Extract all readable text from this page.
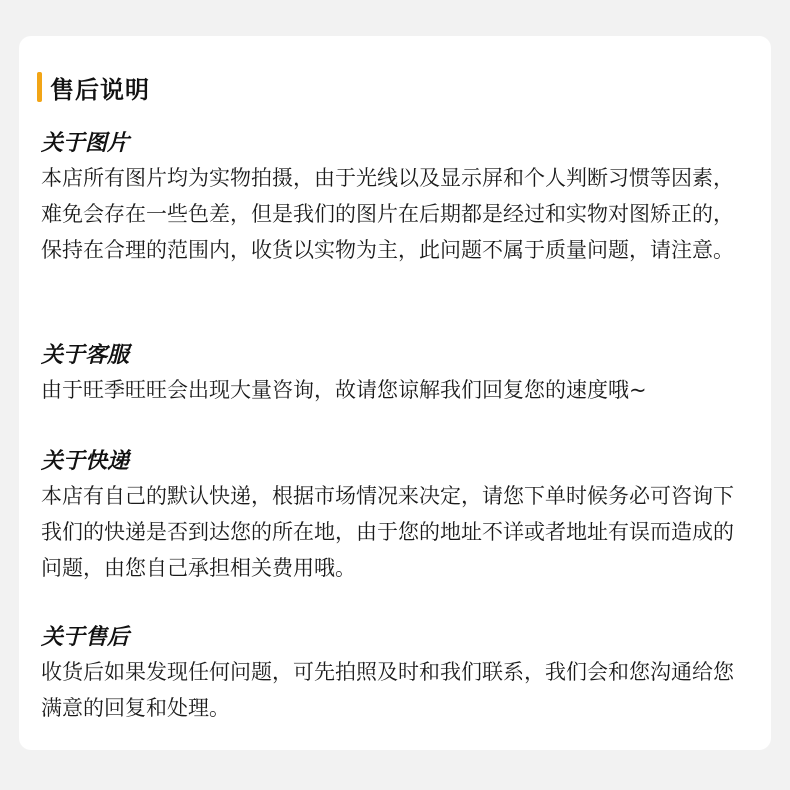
售后说明
关于图片
本店所有图片均为实物拍摄，由于光线以及显示屏和个人判断习惯等因素，难免会存在一些色差，但是我们的图片在后期都是经过和实物对图矫正的，保持在合理的范围内，收货以实物为主，此问题不属于质量问题，请注意。
关于客服
由于旺季旺旺会出现大量咨询，故请您谅解我们回复您的速度哦~
关于快递
本店有自己的默认快递，根据市场情况来决定，请您下单时候务必可咨询下我们的快递是否到达您的所在地，由于您的地址不详或者地址有误而造成的问题，由您自己承担相关费用哦。
关于售后
收货后如果发现任何问题，可先拍照及时和我们联系，我们会和您沟通给您满意的回复和处理。
